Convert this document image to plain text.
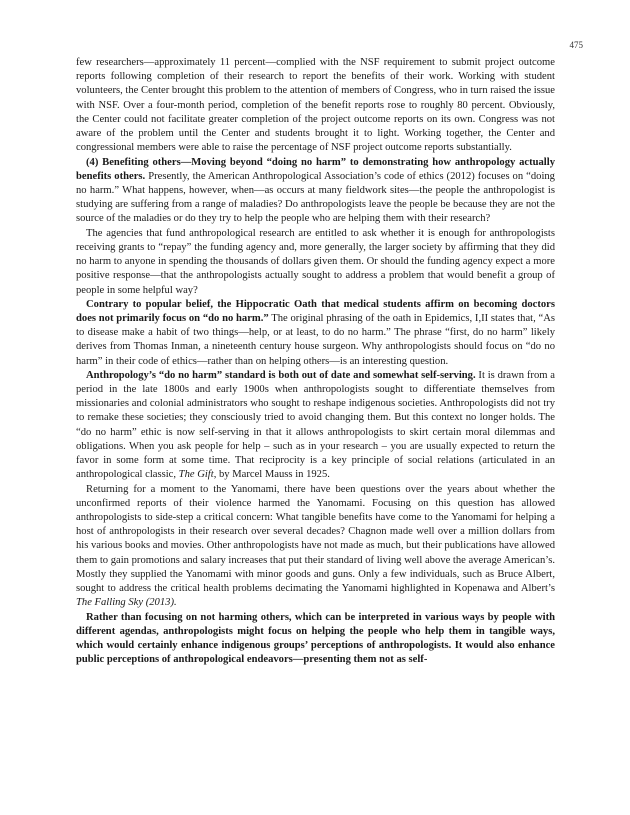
475

few researchers—approximately 11 percent—complied with the NSF requirement to submit project outcome reports following completion of their research to report the benefits of their work. Working with student volunteers, the Center brought this problem to the attention of members of Congress, who in turn raised the issue with NSF. Over a four-month period, completion of the benefit reports rose to roughly 80 percent. Obviously, the Center could not facilitate greater completion of the project outcome reports on its own. Congress was not aware of the problem until the Center and students brought it to light. Working together, the Center and congressional members were able to raise the percentage of NSF project outcome reports substantially.

(4) Benefiting others—Moving beyond “doing no harm” to demonstrating how anthropology actually benefits others. Presently, the American Anthropological Association’s code of ethics (2012) focuses on “doing no harm.” What happens, however, when—as occurs at many fieldwork sites—the people the anthropologist is studying are suffering from a range of maladies? Do anthropologists leave the people be because they are not the source of the maladies or do they try to help the people who are helping them with their research?

The agencies that fund anthropological research are entitled to ask whether it is enough for anthropologists receiving grants to “repay” the funding agency and, more generally, the larger society by affirming that they did no harm to anyone in spending the thousands of dollars given them. Or should the funding agency expect a more positive response—that the anthropologists actually sought to address a problem that would benefit a group of people in some helpful way?

Contrary to popular belief, the Hippocratic Oath that medical students affirm on becoming doctors does not primarily focus on “do no harm.” The original phrasing of the oath in Epidemics, I,II states that, “As to disease make a habit of two things—help, or at least, to do no harm.” The phrase “first, do no harm” likely derives from Thomas Inman, a nineteenth century house surgeon. Why anthropologists should focus on “do no harm” in their code of ethics—rather than on helping others—is an interesting question.

Anthropology’s “do no harm” standard is both out of date and somewhat self-serving. It is drawn from a period in the late 1800s and early 1900s when anthropologists sought to differentiate themselves from missionaries and colonial administrators who sought to reshape indigenous societies. Anthropologists did not try to remake these societies; they consciously tried to avoid changing them. But this context no longer holds. The “do no harm” ethic is now self-serving in that it allows anthropologists to skirt certain moral dilemmas and obligations. When you ask people for help – such as in your research – you are usually expected to return the favor in some form at some time. That reciprocity is a key principle of social relations (articulated in an anthropological classic, The Gift, by Marcel Mauss in 1925.

Returning for a moment to the Yanomami, there have been questions over the years about whether the unconfirmed reports of their violence harmed the Yanomami. Focusing on this question has allowed anthropologists to side-step a critical concern: What tangible benefits have come to the Yanomami for helping a host of anthropologists in their research over several decades? Chagnon made well over a million dollars from his various books and movies. Other anthropologists have not made as much, but their publications have allowed them to gain promotions and salary increases that put their standard of living well above the average American’s. Mostly they supplied the Yanomami with minor goods and guns. Only a few individuals, such as Bruce Albert, sought to address the critical health problems decimating the Yanomami highlighted in Kopenawa and Albert’s The Falling Sky (2013).

Rather than focusing on not harming others, which can be interpreted in various ways by people with different agendas, anthropologists might focus on helping the people who help them in tangible ways, which would certainly enhance indigenous groups’ perceptions of anthropologists. It would also enhance public perceptions of anthropological endeavors—presenting them not as self-
